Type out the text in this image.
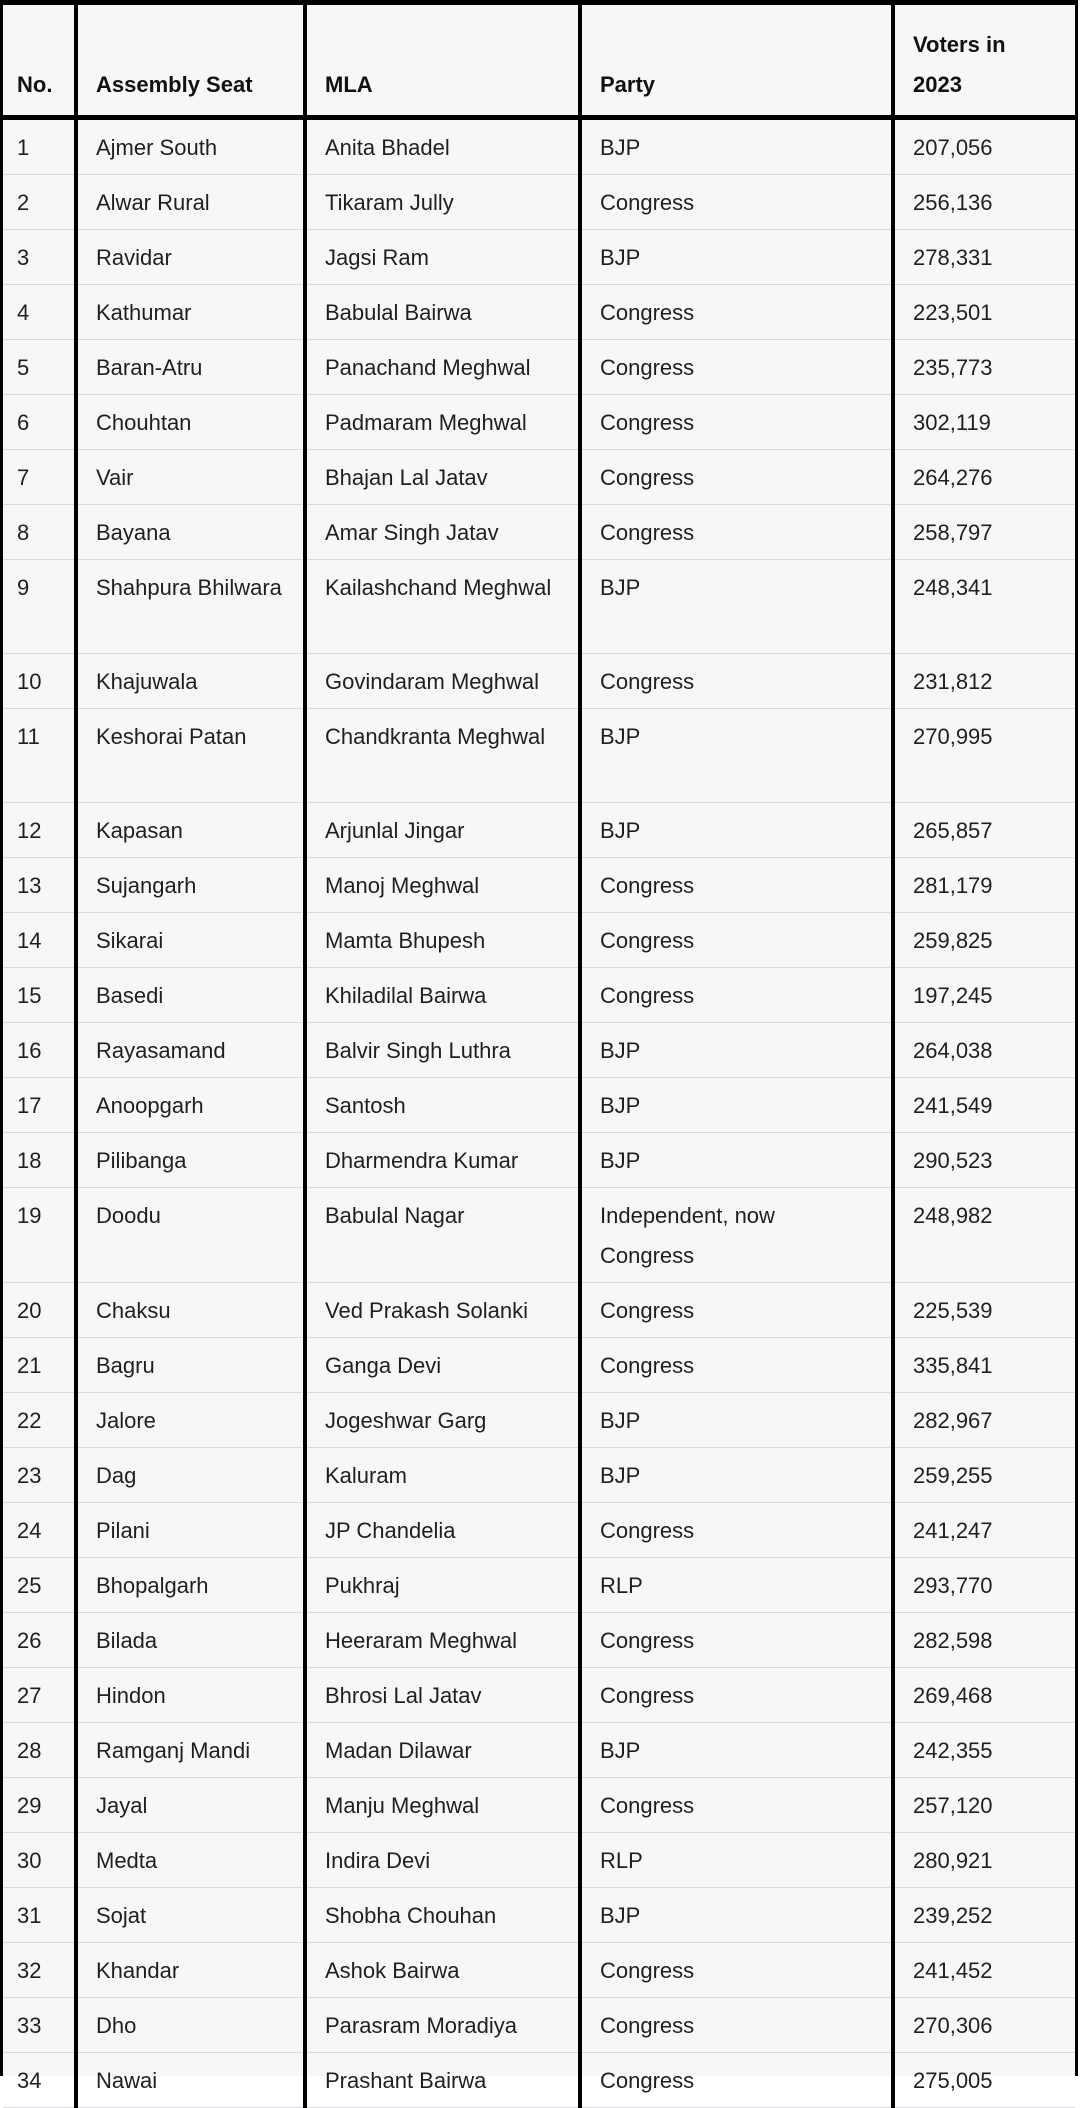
No.	Assembly Seat	MLA	Party	Voters in 2023
1	Ajmer South	Anita Bhadel	BJP	207,056
2	Alwar Rural	Tikaram Jully	Congress	256,136
3	Ravidar	Jagsi Ram	BJP	278,331
4	Kathumar	Babulal Bairwa	Congress	223,501
5	Baran-Atru	Panachand Meghwal	Congress	235,773
6	Chouhtan	Padmaram Meghwal	Congress	302,119
7	Vair	Bhajan Lal Jatav	Congress	264,276
8	Bayana	Amar Singh Jatav	Congress	258,797
9	Shahpura Bhilwara	Kailashchand Meghwal	BJP	248,341
10	Khajuwala	Govindaram Meghwal	Congress	231,812
11	Keshorai Patan	Chandkranta Meghwal	BJP	270,995
12	Kapasan	Arjunlal Jingar	BJP	265,857
13	Sujangarh	Manoj Meghwal	Congress	281,179
14	Sikarai	Mamta Bhupesh	Congress	259,825
15	Basedi	Khiladilal Bairwa	Congress	197,245
16	Rayasamand	Balvir Singh Luthra	BJP	264,038
17	Anoopgarh	Santosh	BJP	241,549
18	Pilibanga	Dharmendra Kumar	BJP	290,523
19	Doodu	Babulal Nagar	Independent, now Congress	248,982
20	Chaksu	Ved Prakash Solanki	Congress	225,539
21	Bagru	Ganga Devi	Congress	335,841
22	Jalore	Jogeshwar Garg	BJP	282,967
23	Dag	Kaluram	BJP	259,255
24	Pilani	JP Chandelia	Congress	241,247
25	Bhopalgarh	Pukhraj	RLP	293,770
26	Bilada	Heeraram Meghwal	Congress	282,598
27	Hindon	Bhrosi Lal Jatav	Congress	269,468
28	Ramganj Mandi	Madan Dilawar	BJP	242,355
29	Jayal	Manju Meghwal	Congress	257,120
30	Medta	Indira Devi	RLP	280,921
31	Sojat	Shobha Chouhan	BJP	239,252
32	Khandar	Ashok Bairwa	Congress	241,452
33	Dho	Parasram Moradiya	Congress	270,306
34	Nawai	Prashant Bairwa	Congress	275,005
